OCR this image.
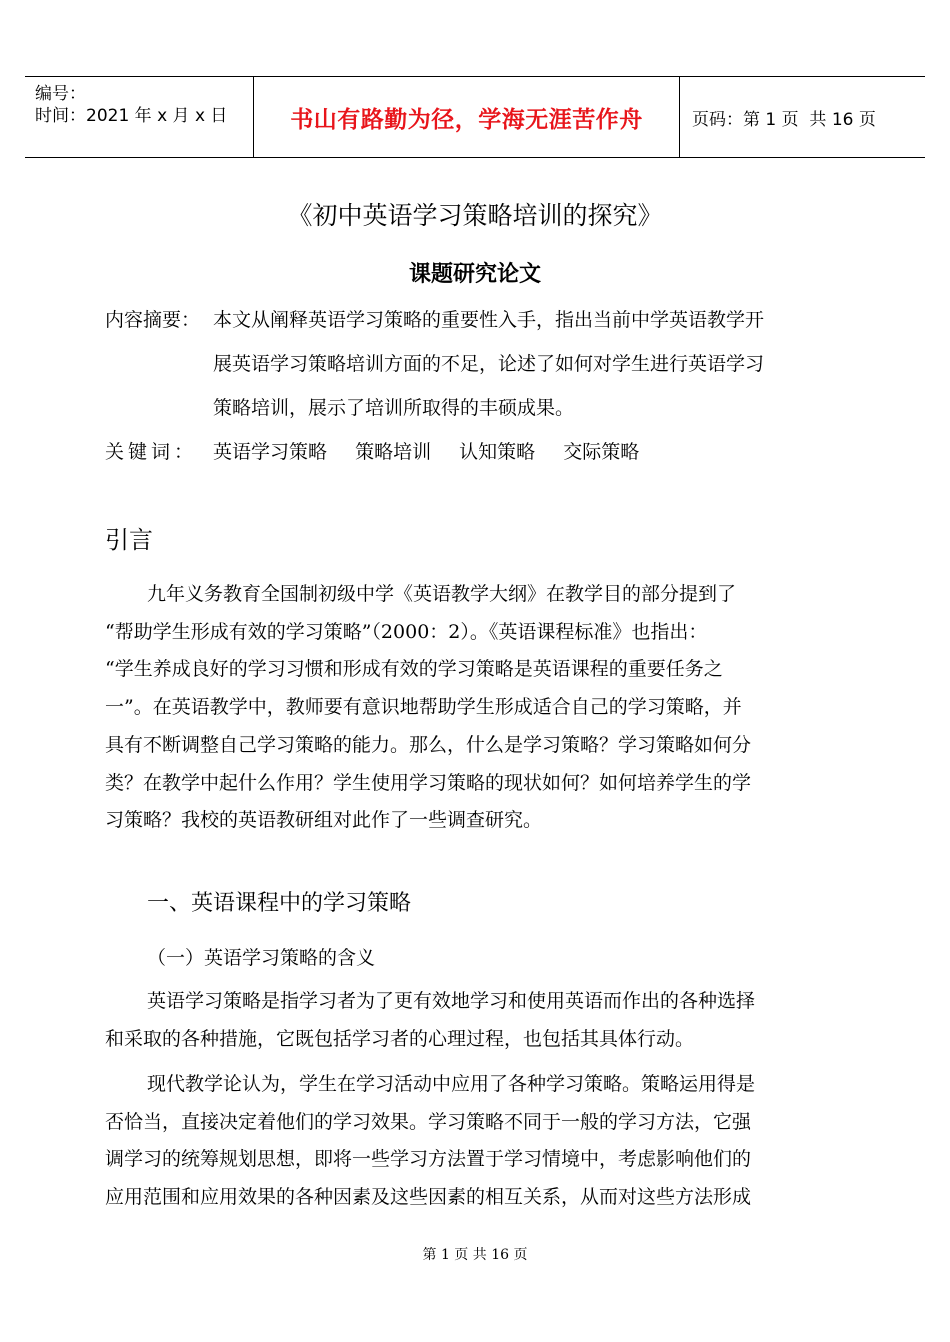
编号：
时间：2021 年 x 月 x 日	书山有路勤为径，学海无涯苦作舟	页码：第 1 页  共 16 页
《初中英语学习策略培训的探究》
课题研究论文
内容摘要： 本文从阐释英语学习策略的重要性入手，指出当前中学英语教学开
展英语学习策略培训方面的不足，论述了如何对学生进行英语学习
策略培训，展示了培训所取得的丰硕成果。
关键词： 英语学习策略 策略培训 认知策略 交际策略
引言
九年义务教育全国制初级中学《英语教学大纲》在教学目的部分提到了
“帮助学生形成有效的学习策略”（2000：2）。《英语课程标准》也指出：
“学生养成良好的学习习惯和形成有效的学习策略是英语课程的重要任务之
一”。在英语教学中，教师要有意识地帮助学生形成适合自己的学习策略，并
具有不断调整自己学习策略的能力。那么，什么是学习策略？学习策略如何分
类？在教学中起什么作用？学生使用学习策略的现状如何？如何培养学生的学
习策略？我校的英语教研组对此作了一些调查研究。
一、英语课程中的学习策略
（一）英语学习策略的含义
英语学习策略是指学习者为了更有效地学习和使用英语而作出的各种选择
和采取的各种措施，它既包括学习者的心理过程，也包括其具体行动。
现代教学论认为，学生在学习活动中应用了各种学习策略。策略运用得是
否恰当，直接决定着他们的学习效果。学习策略不同于一般的学习方法，它强
调学习的统筹规划思想，即将一些学习方法置于学习情境中，考虑影响他们的
应用范围和应用效果的各种因素及这些因素的相互关系，从而对这些方法形成
第 1 页 共 16 页
